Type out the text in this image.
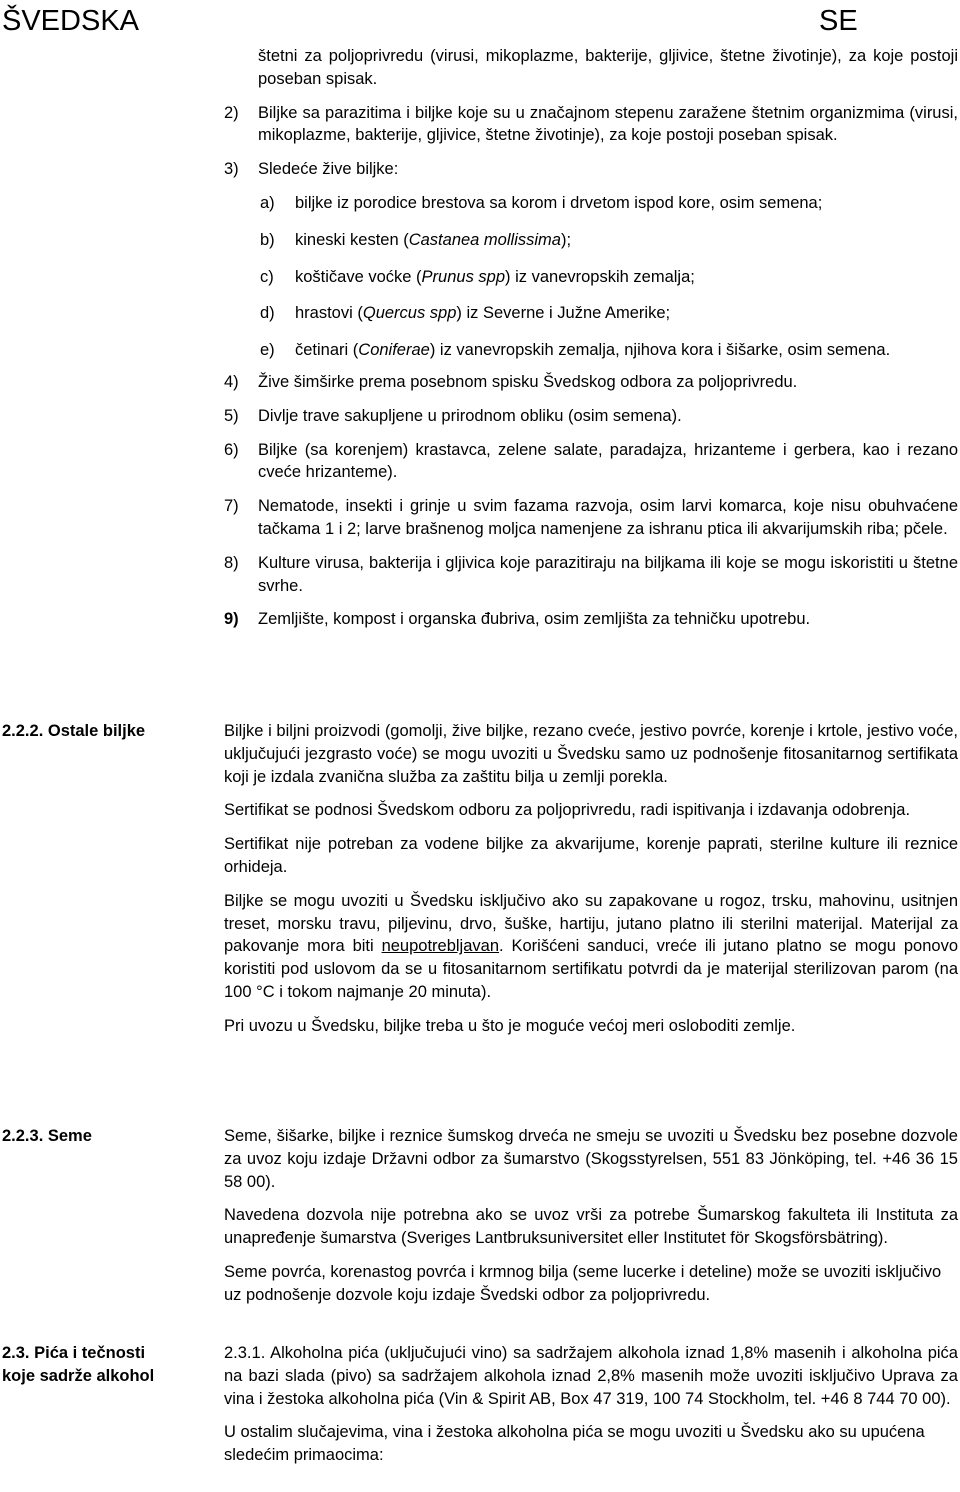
ŠVEDSKA	SE

štetni za poljoprivredu (virusi, mikoplazme, bakterije, gljivice, štetne životinje), za koje postoji poseban spisak.

2)	Biljke sa parazitima i biljke koje su u značajnom stepenu zaražene štetnim organizmima (virusi, mikoplazme, bakterije, gljivice, štetne životinje), za koje postoji poseban spisak.
3)	Sledeće žive biljke:
a)	biljke iz porodice brestova sa korom i drvetom ispod kore, osim semena;
b)	kineski kesten (Castanea mollissima);
c)	koštičave voćke (Prunus spp) iz vanevropskih zemalja;
d)	hrastovi (Quercus spp) iz Severne i Južne Amerike;
e)	četinari (Coniferae) iz vanevropskih zemalja, njihova kora i šišarke, osim semena.
4)	Žive šimširke prema posebnom spisku Švedskog odbora za poljoprivredu.
5)	Divlje trave sakupljene u prirodnom obliku (osim semena).
6)	Biljke (sa korenjem) krastavca, zelene salate, paradajza, hrizanteme i gerbera, kao i rezano cveće hrizanteme).
7)	Nematode, insekti i grinje u svim fazama razvoja, osim larvi komarca, koje nisu obuhvaćene tačkama 1 i 2; larve brašnenog moljca namenjene za ishranu ptica ili akvarijumskih riba; pčele.
8)	Kulture virusa, bakterija i gljivica koje parazitiraju na biljkama ili koje se mogu iskoristiti u štetne svrhe.
9)	Zemljište, kompost i organska đubriva, osim zemljišta za tehničku upotrebu.
2.2.2. Ostale biljke	Biljke i biljni proizvodi (gomolji, žive biljke, rezano cveće, jestivo povrće, korenje i krtole, jestivo voće, uključujući jezgrasto voće) se mogu uvoziti u Švedsku samo uz podnošenje fitosanitarnog sertifikata koji je izdala zvanična služba za zaštitu bilja u zemlji porekla.

Sertifikat se podnosi Švedskom odboru za poljoprivredu, radi ispitivanja i izdavanja odobrenja.

Sertifikat nije potreban za vodene biljke za akvarijume, korenje paprati, sterilne kulture ili reznice orhideja.

Biljke se mogu uvoziti u Švedsku isključivo ako su zapakovane u rogoz, trsku, mahovinu, usitnjen treset, morsku travu, piljevinu, drvo, šuške, hartiju, jutano platno ili sterilni materijal. Materijal za pakovanje mora biti neupotrebljavan. Korišćeni sanduci, vreće ili jutano platno se mogu ponovo koristiti pod uslovom da se u fitosanitarnom sertifikatu potvrdi da je materijal sterilizovan parom (na 100 °C i tokom najmanje 20 minuta).

Pri uvozu u Švedsku, biljke treba u što je moguće većoj meri osloboditi zemlje.

2.2.3. Seme	Seme, šišarke, biljke i reznice šumskog drveća ne smeju se uvoziti u Švedsku bez posebne dozvole za uvoz koju izdaje Državni odbor za šumarstvo (Skogsstyrelsen, 551 83 Jönköping, tel. +46 36 15 58 00).

Navedena dozvola nije potrebna ako se uvoz vrši za potrebe Šumarskog fakulteta ili Instituta za unapređenje šumarstva (Sveriges Lantbruksuniversitet eller Institutet för Skogsförsbätring).

Seme povrća, korenastog povrća i krmnog bilja (seme lucerke i deteline) može se uvoziti isključivo uz podnošenje dozvole koju izdaje Švedski odbor za poljoprivredu.

2.3. Pića i tečnosti
koje sadrže alkohol

2.3.1. Alkoholna pića (uključujući vino) sa sadržajem alkohola iznad 1,8% masenih i alkoholna pića na bazi slada (pivo) sa sadržajem alkohola iznad 2,8% masenih može uvoziti isključivo Uprava za vina i žestoka alkoholna pića (Vin & Spirit AB, Box 47 319, 100 74 Stockholm, tel. +46 8 744 70 00).

U ostalim slučajevima, vina i žestoka alkoholna pića se mogu uvoziti u Švedsku ako su upućena sledećim primaocima:
